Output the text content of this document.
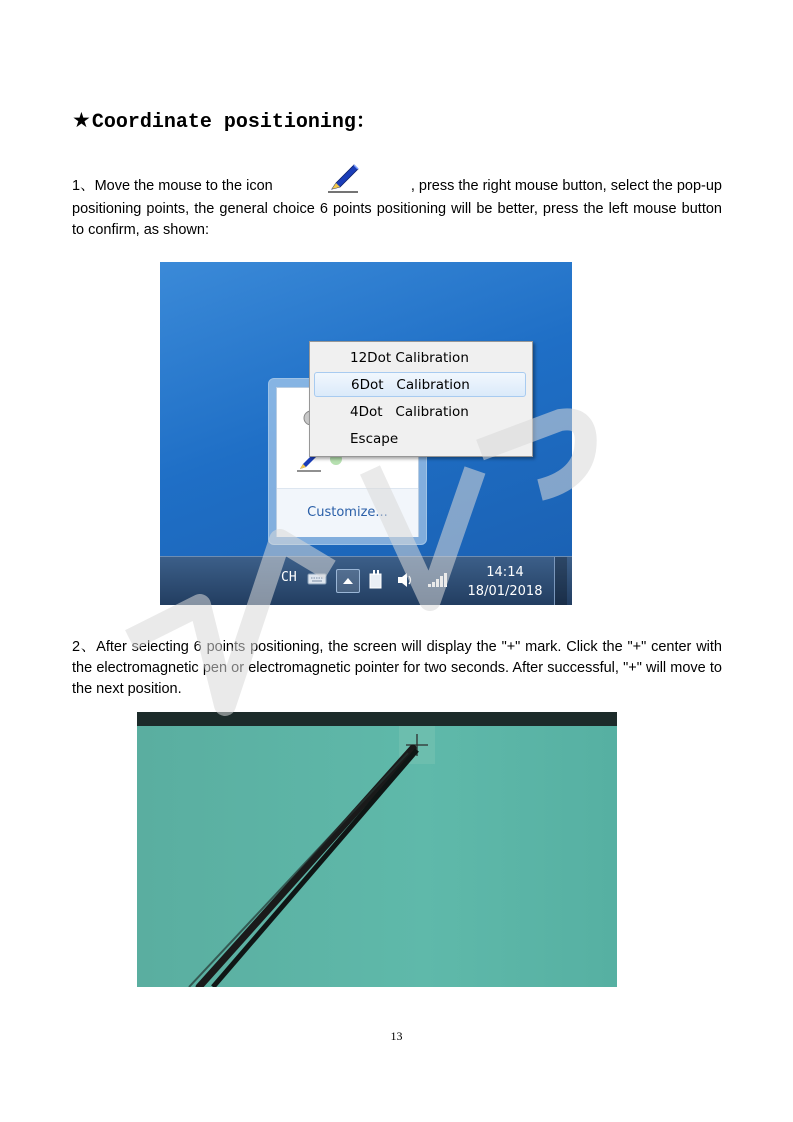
★Coordinate positioning：
1、Move the mouse to the icon	, press the right mouse button, select the pop-up
positioning points, the general choice 6 points positioning will be better, press the left mouse button to confirm, as shown:
Customize...
12Dot Calibration
6Dot   Calibration
4Dot   Calibration
Escape
CH	14:14
18/01/2018
2、After selecting 6 points positioning, the screen will display the "+" mark. Click the "+" center with the electromagnetic pen or electromagnetic pointer for two seconds. After successful, "+" will move to the next position.
13
